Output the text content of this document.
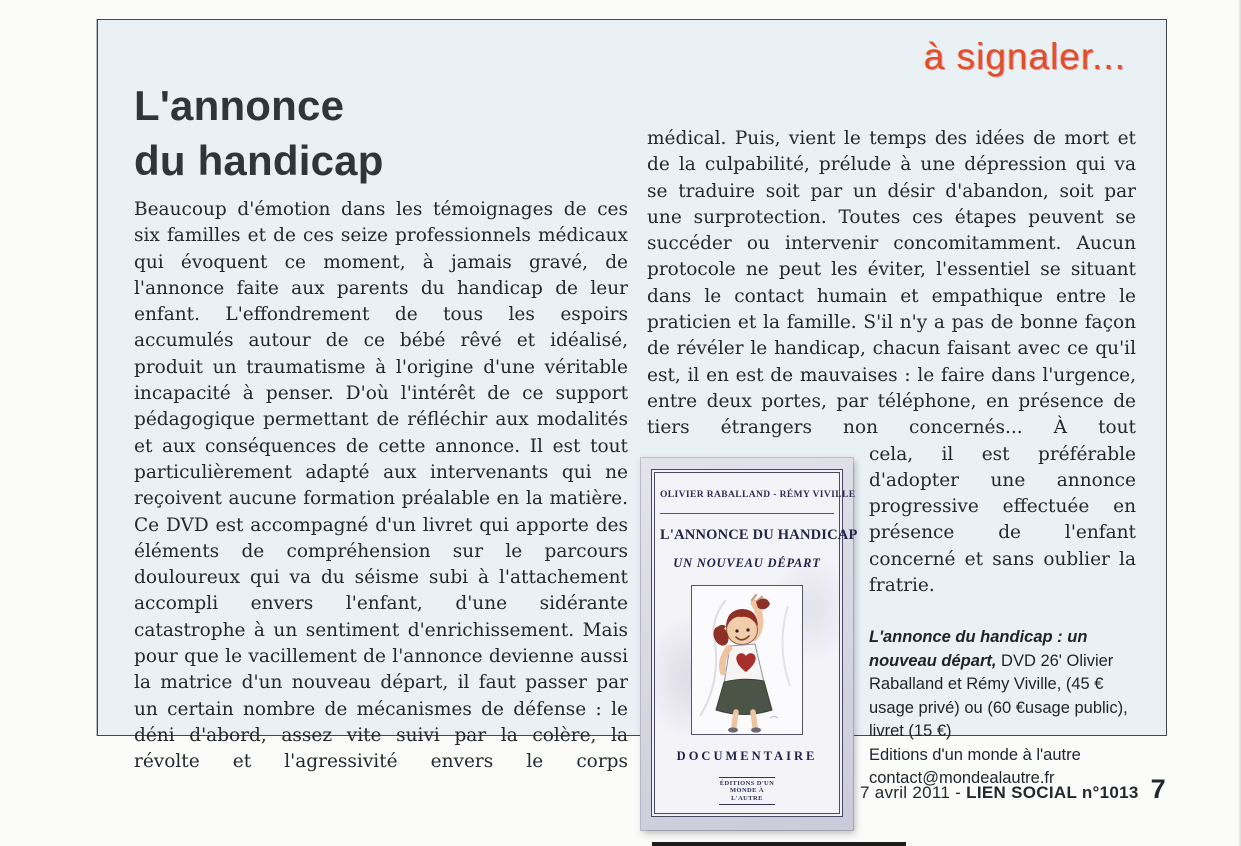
à signaler...
L'annonce
du handicap

Beaucoup d'émotion dans les témoignages de ces six familles et de ces seize professionnels médicaux qui évoquent ce moment, à jamais gravé, de l'annonce faite aux parents du handicap de leur enfant. L'effondrement de tous les espoirs accumulés autour de ce bébé rêvé et idéalisé, produit un traumatisme à l'origine d'une véritable incapacité à penser. D'où l'intérêt de ce support pédagogique permettant de réfléchir aux modalités et aux conséquences de cette annonce. Il est tout particulièrement adapté aux intervenants qui ne reçoivent aucune formation préalable en la matière. Ce DVD est accompagné d'un livret qui apporte des éléments de compréhension sur le parcours douloureux qui va du séisme subi à l'attachement accompli envers l'enfant, d'une sidérante catastrophe à un sentiment d'enrichissement. Mais pour que le vacillement de l'annonce devienne aussi la matrice d'un nouveau départ, il faut passer par un certain nombre de mécanismes de défense : le déni d'abord, assez vite suivi par la colère, la révolte et l'agressivité envers le corps

médical. Puis, vient le temps des idées de mort et de la culpabilité, prélude à une dépression qui va se traduire soit par un désir d'abandon, soit par une surprotection. Toutes ces étapes peuvent se succéder ou intervenir concomitamment. Aucun protocole ne peut les éviter, l'essentiel se situant dans le contact humain et empathique entre le praticien et la famille. S'il n'y a pas de bonne façon de révéler le handicap, chacun faisant avec ce qu'il est, il en est de mauvaises : le faire dans l'urgence, entre deux portes, par téléphone, en présence de tiers étrangers non concernés... À tout

OLIVIER RABALLAND - RÉMY VIVILLE
L'ANNONCE DU HANDICAP
UN NOUVEAU DÉPART
DOCUMENTAIRE
ÉDITIONS D'UN MONDE À L'AUTRE

cela, il est préférable d'adopter une annonce progressive effectuée en présence de l'enfant concerné et sans oublier la fratrie.

L'annonce du handicap : un nouveau départ, DVD 26' Olivier Raballand et Rémy Viville, (45 € usage privé) ou (60 €usage public), livret (15 €)
Editions d'un monde à l'autre
contact@mondealautre.fr
7 avril 2011 - LIEN SOCIAL n°1013 7
